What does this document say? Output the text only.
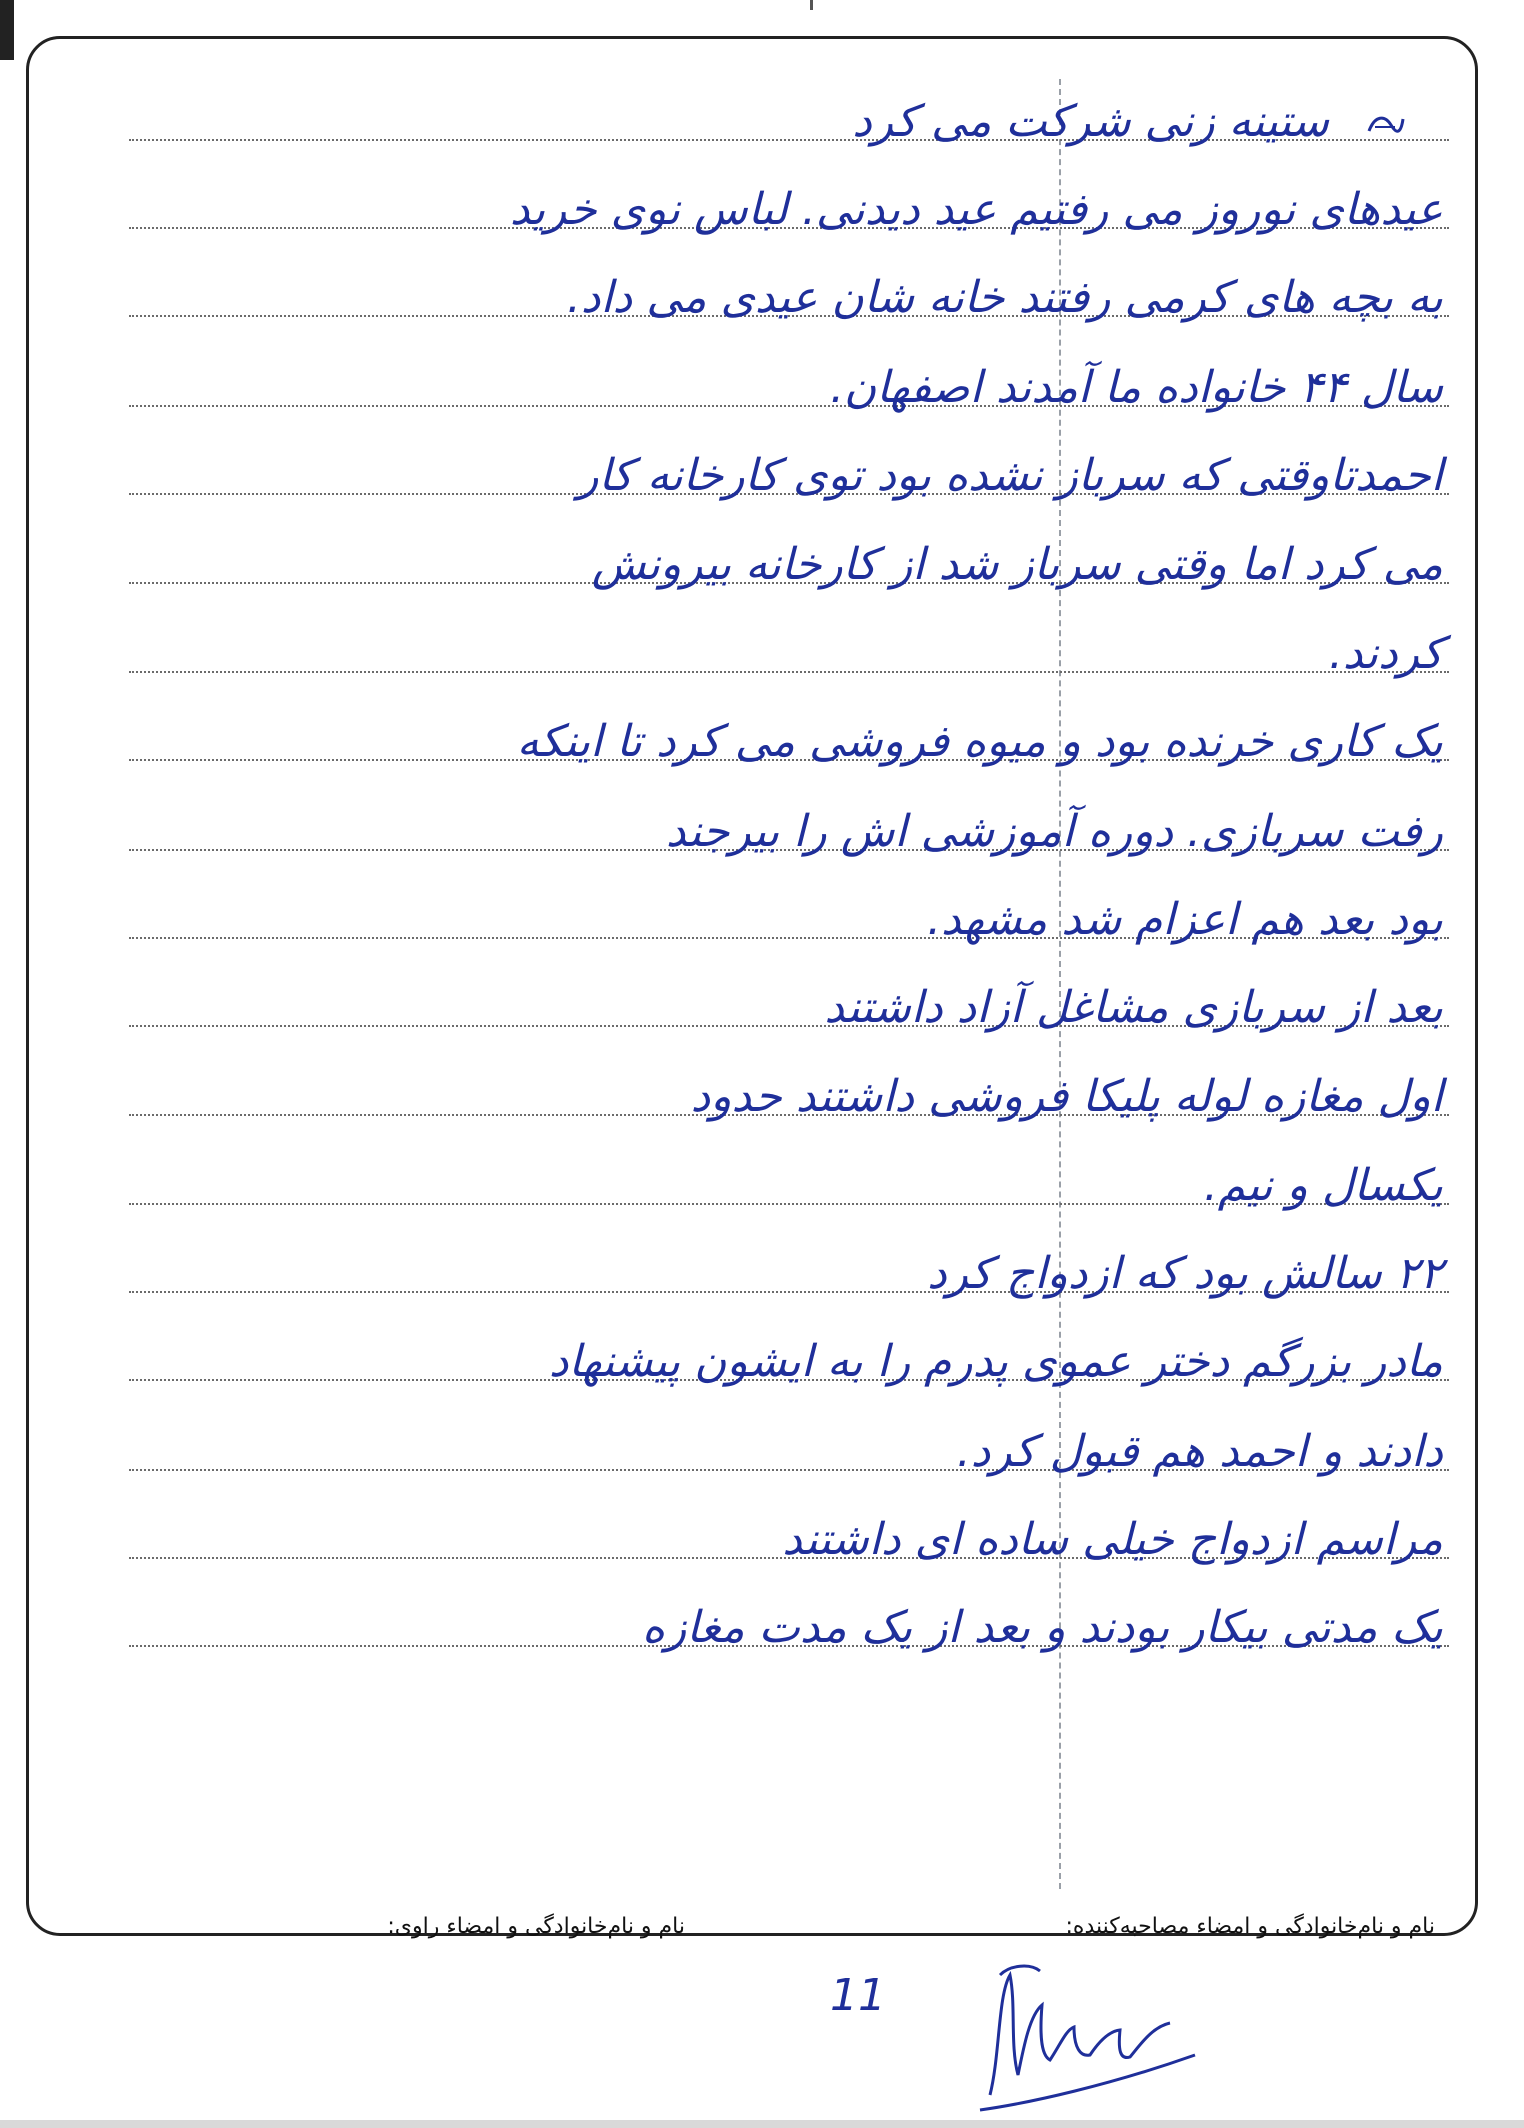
ستینه زنی شرکت می کرد
عیدهای نوروز می رفتیم عید دیدنی. لباس نوی خرید
به بچه های کرمی رفتند خانه شان عیدی می داد.
سال ۴۴ خانواده ما آمدند اصفهان.
احمدتاوقتی که سرباز نشده بود توی کارخانه کار
می کرد اما وقتی سرباز شد از کارخانه بیرونش
کردند.
یک کاری خرنده بود و میوه فروشی می کرد تا اینکه
رفت سربازی. دوره آموزشی اش را بیرجند
بود بعد هم اعزام شد مشهد.
بعد از سربازی مشاغل آزاد داشتند
اول مغازه لوله پلیکا فروشی داشتند حدود
یکسال و نیم.
۲۲ سالش بود که ازدواج کرد
مادر بزرگم دختر عموی پدرم را به ایشون پیشنهاد
دادند و احمد هم قبول کرد.
مراسم ازدواج خیلی ساده ای داشتند
یک مدتی بیکار بودند و بعد از یک مدت مغازه
نام و نام‌خانوادگی و امضاء مصاحبه‌کننده:
نام و نام‌خانوادگی و امضاء راوی:
11
